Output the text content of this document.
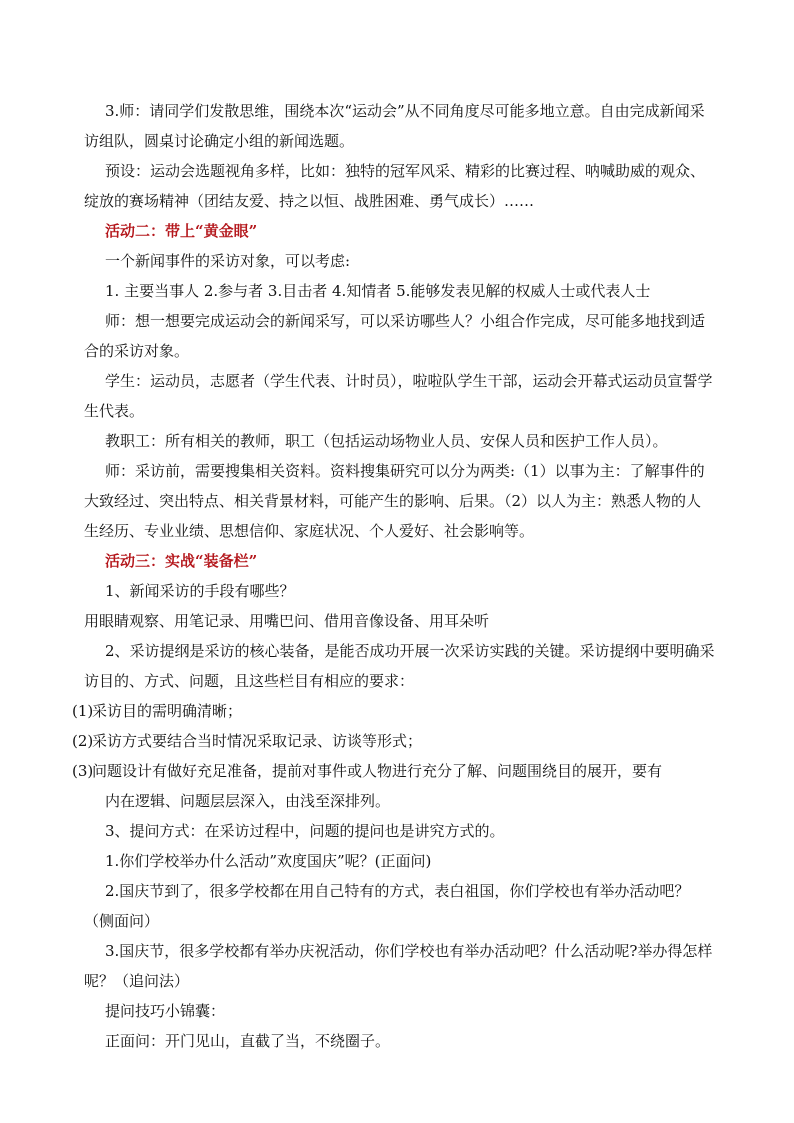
3.师：请同学们发散思维，围绕本次“运动会”从不同角度尽可能多地立意。自由完成新闻采访组队，圆桌讨论确定小组的新闻选题。

预设：运动会选题视角多样，比如：独特的冠军风采、精彩的比赛过程、呐喊助威的观众、绽放的赛场精神（团结友爱、持之以恒、战胜困难、勇气成长）……

活动二：带上“黄金眼”

一个新闻事件的采访对象，可以考虑:

1. 主要当事人 2.参与者 3.目击者 4.知情者 5.能够发表见解的权威人士或代表人士

师：想一想要完成运动会的新闻采写，可以采访哪些人？小组合作完成，尽可能多地找到适合的采访对象。

学生：运动员，志愿者（学生代表、计时员），啦啦队学生干部，运动会开幕式运动员宣誓学生代表。

教职工：所有相关的教师，职工（包括运动场物业人员、安保人员和医护工作人员）。

师：采访前，需要搜集相关资料。资料搜集研究可以分为两类:（1）以事为主：了解事件的大致经过、突出特点、相关背景材料，可能产生的影响、后果。（2）以人为主：熟悉人物的人生经历、专业业绩、思想信仰、家庭状况、个人爱好、社会影响等。

活动三：实战“装备栏”

1、新闻采访的手段有哪些？

用眼睛观察、用笔记录、用嘴巴问、借用音像设备、用耳朵听

2、采访提纲是采访的核心装备，是能否成功开展一次采访实践的关键。采访提纲中要明确采访目的、方式、问题，且这些栏目有相应的要求：

(1)
采访目的需明确清晰；

(2)
采访方式要结合当时情况采取记录、访谈等形式；

(3)
问题设计有做好充足准备，提前对事件或人物进行充分了解、问题围绕目的展开，要有

内在逻辑、问题层层深入，由浅至深排列。

3、提问方式：在采访过程中，问题的提问也是讲究方式的。

1.你们学校举办什么活动”欢度国庆”呢？(正面问)

2.国庆节到了，很多学校都在用自己特有的方式，表白祖国，你们学校也有举办活动吧？（侧面问）

3.国庆节，很多学校都有举办庆祝活动，你们学校也有举办活动吧？什么活动呢?举办得怎样呢？（追问法）

提问技巧小锦囊：

正面问：开门见山，直截了当，不绕圈子。
